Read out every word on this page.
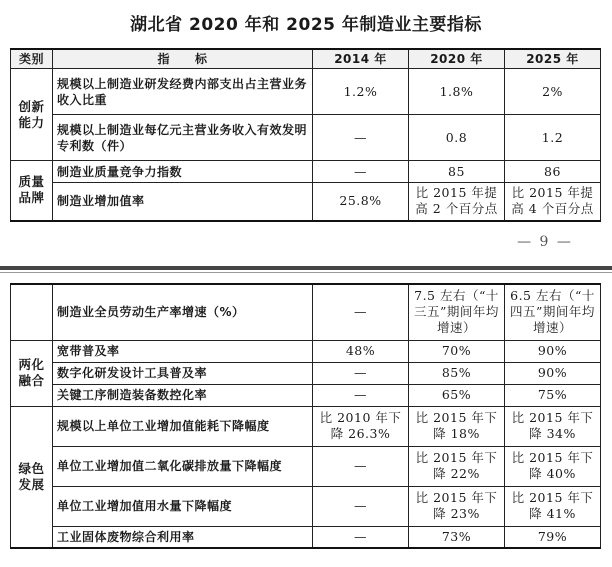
湖北省 2020 年和 2025 年制造业主要指标
类别	指　　标	2014 年	2020 年	2025 年
创新能力	规模以上制造业研发经费内部支出占主营业务收入比重	1.2%	1.8%	2%
	规模以上制造业每亿元主营业务收入有效发明专利数（件）	—	0.8	1.2
质量品牌	制造业质量竞争力指数	—	85	86
	制造业增加值率	25.8%	比 2015 年提高 2 个百分点	比 2015 年提高 4 个百分点
— 9 —
	制造业全员劳动生产率增速（%）	—	7.5 左右（“十三五”期间年均增速）	6.5 左右（“十四五”期间年均增速）
两化融合	宽带普及率	48%	70%	90%
	数字化研发设计工具普及率	—	85%	90%
	关键工序制造装备数控化率	—	65%	75%
绿色发展	规模以上单位工业增加值能耗下降幅度	比 2010 年下降 26.3%	比 2015 年下降 18%	比 2015 年下降 34%
	单位工业增加值二氧化碳排放量下降幅度	—	比 2015 年下降 22%	比 2015 年下降 40%
	单位工业增加值用水量下降幅度	—	比 2015 年下降 23%	比 2015 年下降 41%
	工业固体废物综合利用率	—	73%	79%
